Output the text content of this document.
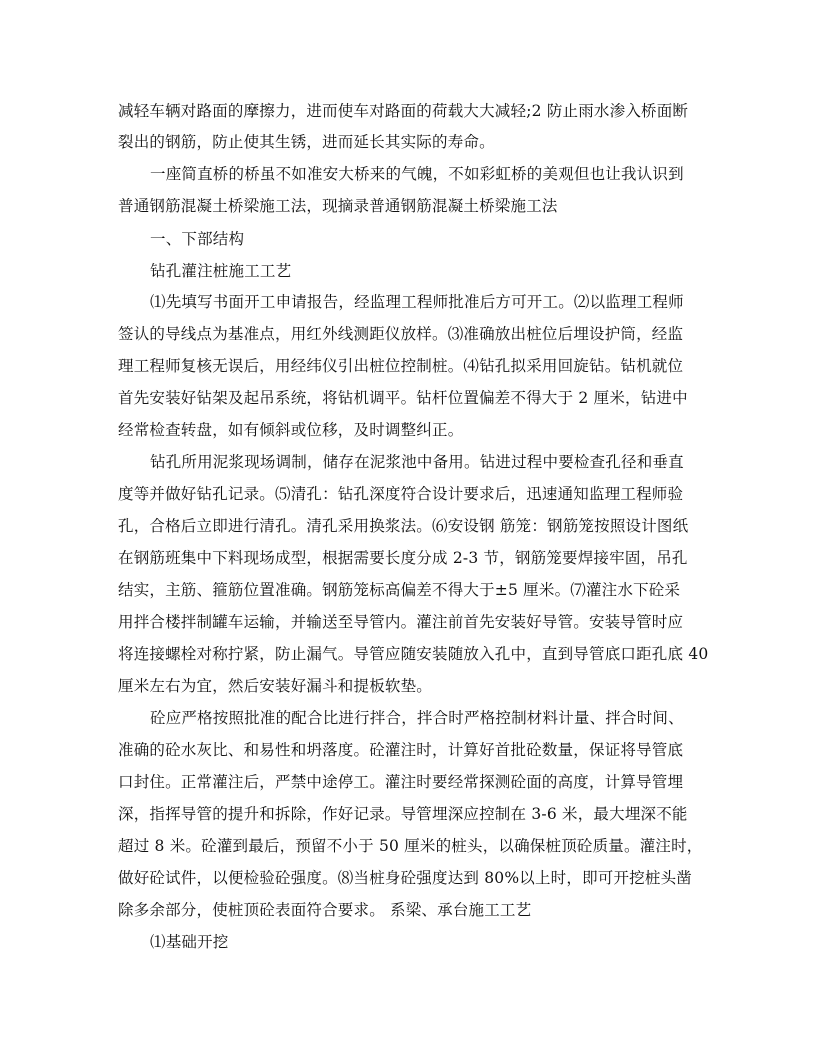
减轻车辆对路面的摩擦力，进而使车对路面的荷载大大减轻;2 防止雨水渗入桥面断
裂出的钢筋，防止使其生锈，进而延长其实际的寿命。
一座简直桥的桥虽不如准安大桥来的气魄，不如彩虹桥的美观但也让我认识到
普通钢筋混凝土桥梁施工法，现摘录普通钢筋混凝土桥梁施工法
一、下部结构
钻孔灌注桩施工工艺
⑴先填写书面开工申请报告，经监理工程师批准后方可开工。⑵以监理工程师
签认的导线点为基准点，用红外线测距仪放样。⑶准确放出桩位后埋设护筒，经监
理工程师复核无误后，用经纬仪引出桩位控制桩。⑷钻孔拟采用回旋钻。钻机就位
首先安装好钻架及起吊系统，将钻机调平。钻杆位置偏差不得大于 2 厘米，钻进中
经常检查转盘，如有倾斜或位移，及时调整纠正。
钻孔所用泥浆现场调制，储存在泥浆池中备用。钻进过程中要检查孔径和垂直
度等并做好钻孔记录。⑸清孔：钻孔深度符合设计要求后，迅速通知监理工程师验
孔，合格后立即进行清孔。清孔采用换浆法。⑹安设钢 筋笼：钢筋笼按照设计图纸
在钢筋班集中下料现场成型，根据需要长度分成 2-3 节，钢筋笼要焊接牢固，吊孔
结实，主筋、箍筋位置准确。钢筋笼标高偏差不得大于±5 厘米。⑺灌注水下砼采
用拌合楼拌制罐车运输，并输送至导管内。灌注前首先安装好导管。安装导管时应
将连接螺栓对称拧紧，防止漏气。导管应随安装随放入孔中，直到导管底口距孔底 40
厘米左右为宜，然后安装好漏斗和提板软垫。
砼应严格按照批准的配合比进行拌合，拌合时严格控制材料计量、拌合时间、
准确的砼水灰比、和易性和坍落度。砼灌注时，计算好首批砼数量，保证将导管底
口封住。正常灌注后，严禁中途停工。灌注时要经常探测砼面的高度，计算导管埋
深，指挥导管的提升和拆除，作好记录。导管埋深应控制在 3-6 米，最大埋深不能
超过 8 米。砼灌到最后，预留不小于 50 厘米的桩头，以确保桩顶砼质量。灌注时，
做好砼试件，以便检验砼强度。⑻当桩身砼强度达到 80%以上时，即可开挖桩头凿
除多余部分，使桩顶砼表面符合要求。 系梁、承台施工工艺
⑴基础开挖
